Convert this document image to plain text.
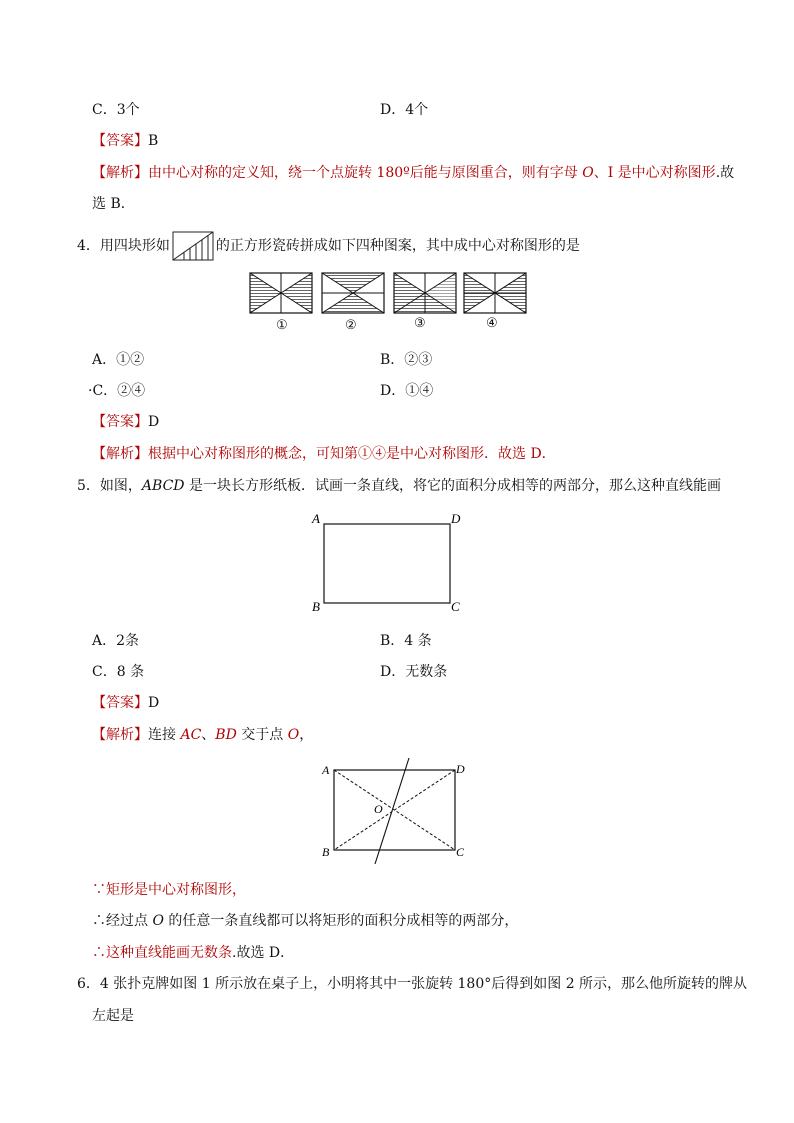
C．3个	D．4个
【答案】B
【解析】由中心对称的定义知，绕一个点旋转 180º后能与原图重合，则有字母 O、I 是中心对称图形.故
选 B．
4．用四块形如	的正方形瓷砖拼成如下四种图案，其中成中心对称图形的是
①	②	③	④
A．①②	B．②③
·C．②④	D．①④
【答案】D
【解析】根据中心对称图形的概念，可知第①④是中心对称图形．故选 D．
5．如图，ABCD 是一块长方形纸板．试画一条直线，将它的面积分成相等的两部分，那么这种直线能画
A	D
B	C
A．2条	B．4 条
C．8 条	D．无数条
【答案】D
【解析】连接 AC、BD 交于点 O，
A	D
B	C
O
∵矩形是中心对称图形，
∴经过点 O 的任意一条直线都可以将矩形的面积分成相等的两部分，
∴这种直线能画无数条.故选 D．
6．4 张扑克牌如图 1 所示放在桌子上，小明将其中一张旋转 180°后得到如图 2 所示，那么他所旋转的牌从
左起是
